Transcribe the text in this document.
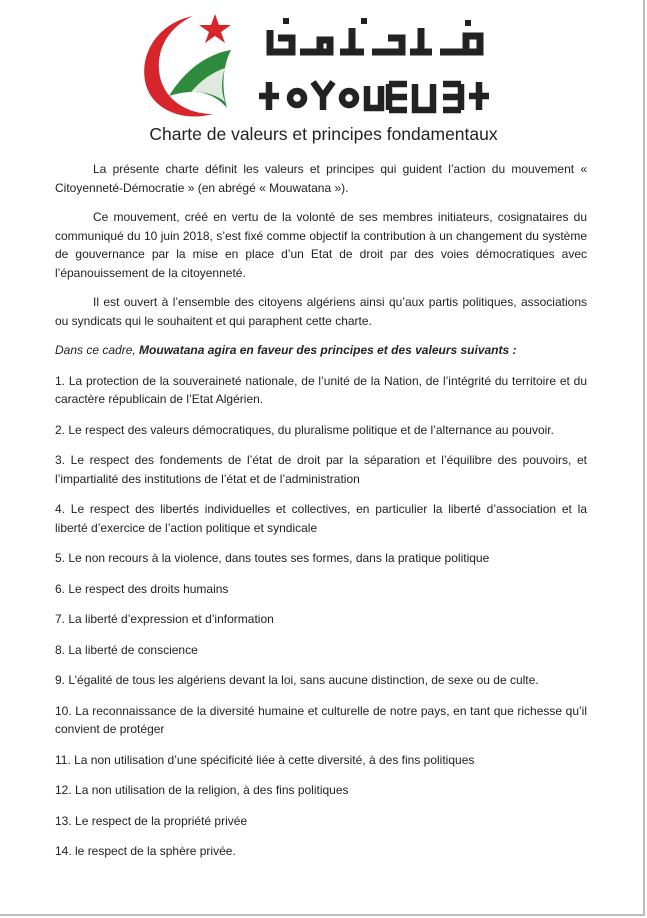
Charte de valeurs et principes fondamentaux

La présente charte définit les valeurs et principes qui guident l’action du mouvement « Citoyenneté-Démocratie » (en abrégé « Mouwatana »).

Ce mouvement, créé en vertu de la volonté de ses membres initiateurs, cosignataires du communiqué du 10 juin 2018, s’est fixé comme objectif la contribution à un changement du système de gouvernance par la mise en place d’un Etat de droit par des voies démocratiques avec l’épanouissement de la citoyenneté.

Il est ouvert à l’ensemble des citoyens algériens ainsi qu’aux partis politiques, associations ou syndicats qui le souhaitent et qui paraphent cette charte.

Dans ce cadre, Mouwatana agira en faveur des principes et des valeurs suivants :

1. La protection de la souveraineté nationale, de l’unité de la Nation, de l’intégrité du territoire et du caractère républicain de l’Etat Algérien.
2. Le respect des valeurs démocratiques, du pluralisme politique et de l’alternance au pouvoir.
3. Le respect des fondements de l’état de droit par la séparation et l’équilibre des pouvoirs, et l’impartialité des institutions de l’état et de l’administration
4. Le respect des libertés individuelles et collectives, en particulier la liberté d’association et la liberté d’exercice de l’action politique et syndicale
5. Le non recours à la violence, dans toutes ses formes, dans la pratique politique
6. Le respect des droits humains
7. La liberté d’expression et d’information
8. La liberté de conscience
9. L’égalité de tous les algériens devant la loi, sans aucune distinction, de sexe ou de culte.
10. La reconnaissance de la diversité humaine et culturelle de notre pays, en tant que richesse qu’il convient de protéger
11. La non utilisation d’une spécificité liée à cette diversité, à des fins politiques
12. La non utilisation de la religion, à des fins politiques
13. Le respect de la propriété privée
14. le respect de la sphère privée.
